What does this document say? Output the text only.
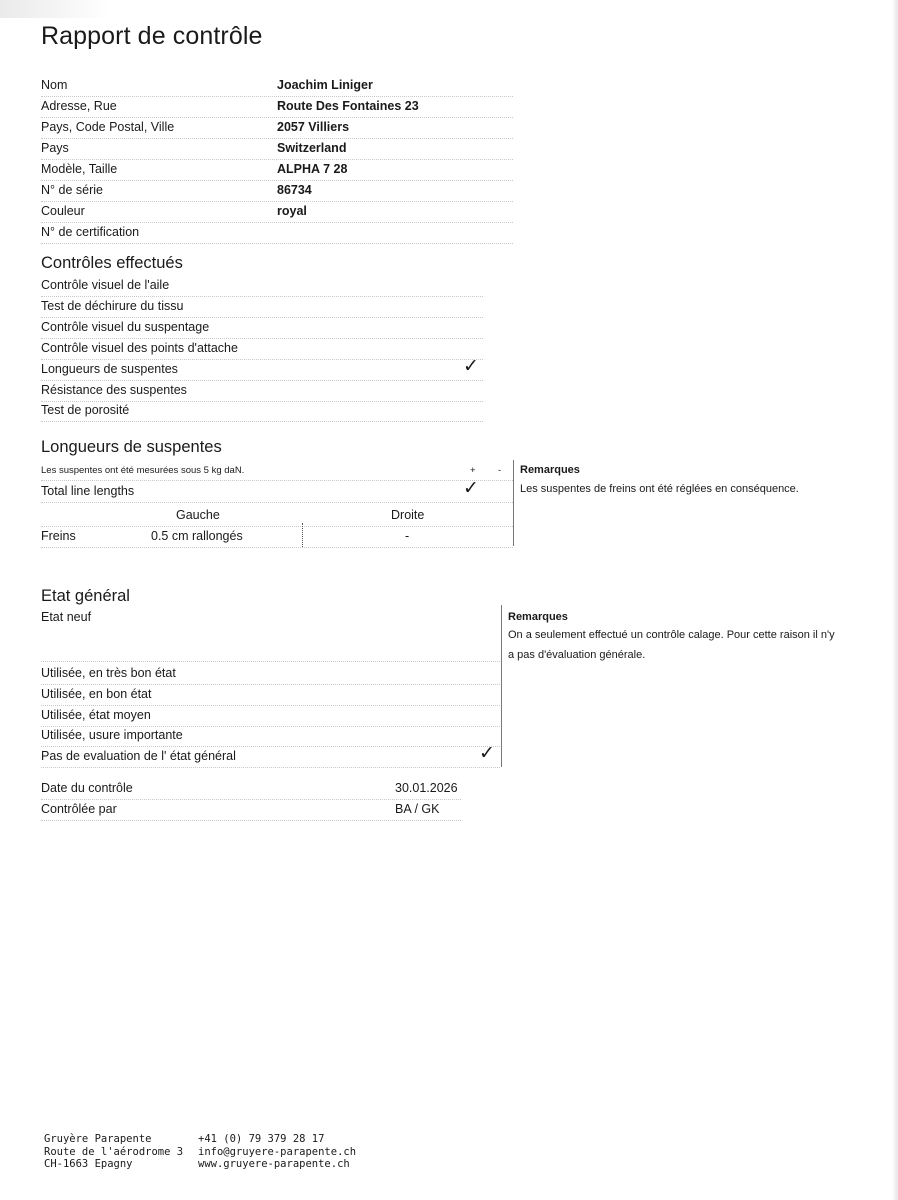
Rapport de contrôle
Nom	Joachim Liniger
Adresse, Rue	Route Des Fontaines 23
Pays, Code Postal, Ville	2057 Villiers
Pays	Switzerland
Modèle, Taille	ALPHA 7 28
N° de série	86734
Couleur	royal
N° de certification
Contrôles effectués
Contrôle visuel de l'aile
Test de déchirure du tissu
Contrôle visuel du suspentage
Contrôle visuel des points d'attache
Longueurs de suspentes	✓
Résistance des suspentes
Test de porosité
Longueurs de suspentes
Les suspentes ont été mesurées sous 5 kg daN.	+ -
Total line lengths	✓
Gauche	Droite
Freins	0.5 cm rallongés	-
Remarques
Les suspentes de freins ont été réglées en conséquence.
Etat général
Etat neuf
Utilisée, en très bon état
Utilisée, en bon état
Utilisée, état moyen
Utilisée, usure importante
Pas de evaluation de l' état général	✓
Remarques
On a seulement effectué un contrôle calage. Pour cette raison il n'y
a pas d'évaluation générale.
Date du contrôle	30.01.2026
Contrôlée par	BA / GK
Gruyère Parapente
Route de l'aérodrome 3
CH-1663 Epagny
+41 (0) 79 379 28 17
info@gruyere-parapente.ch
www.gruyere-parapente.ch
